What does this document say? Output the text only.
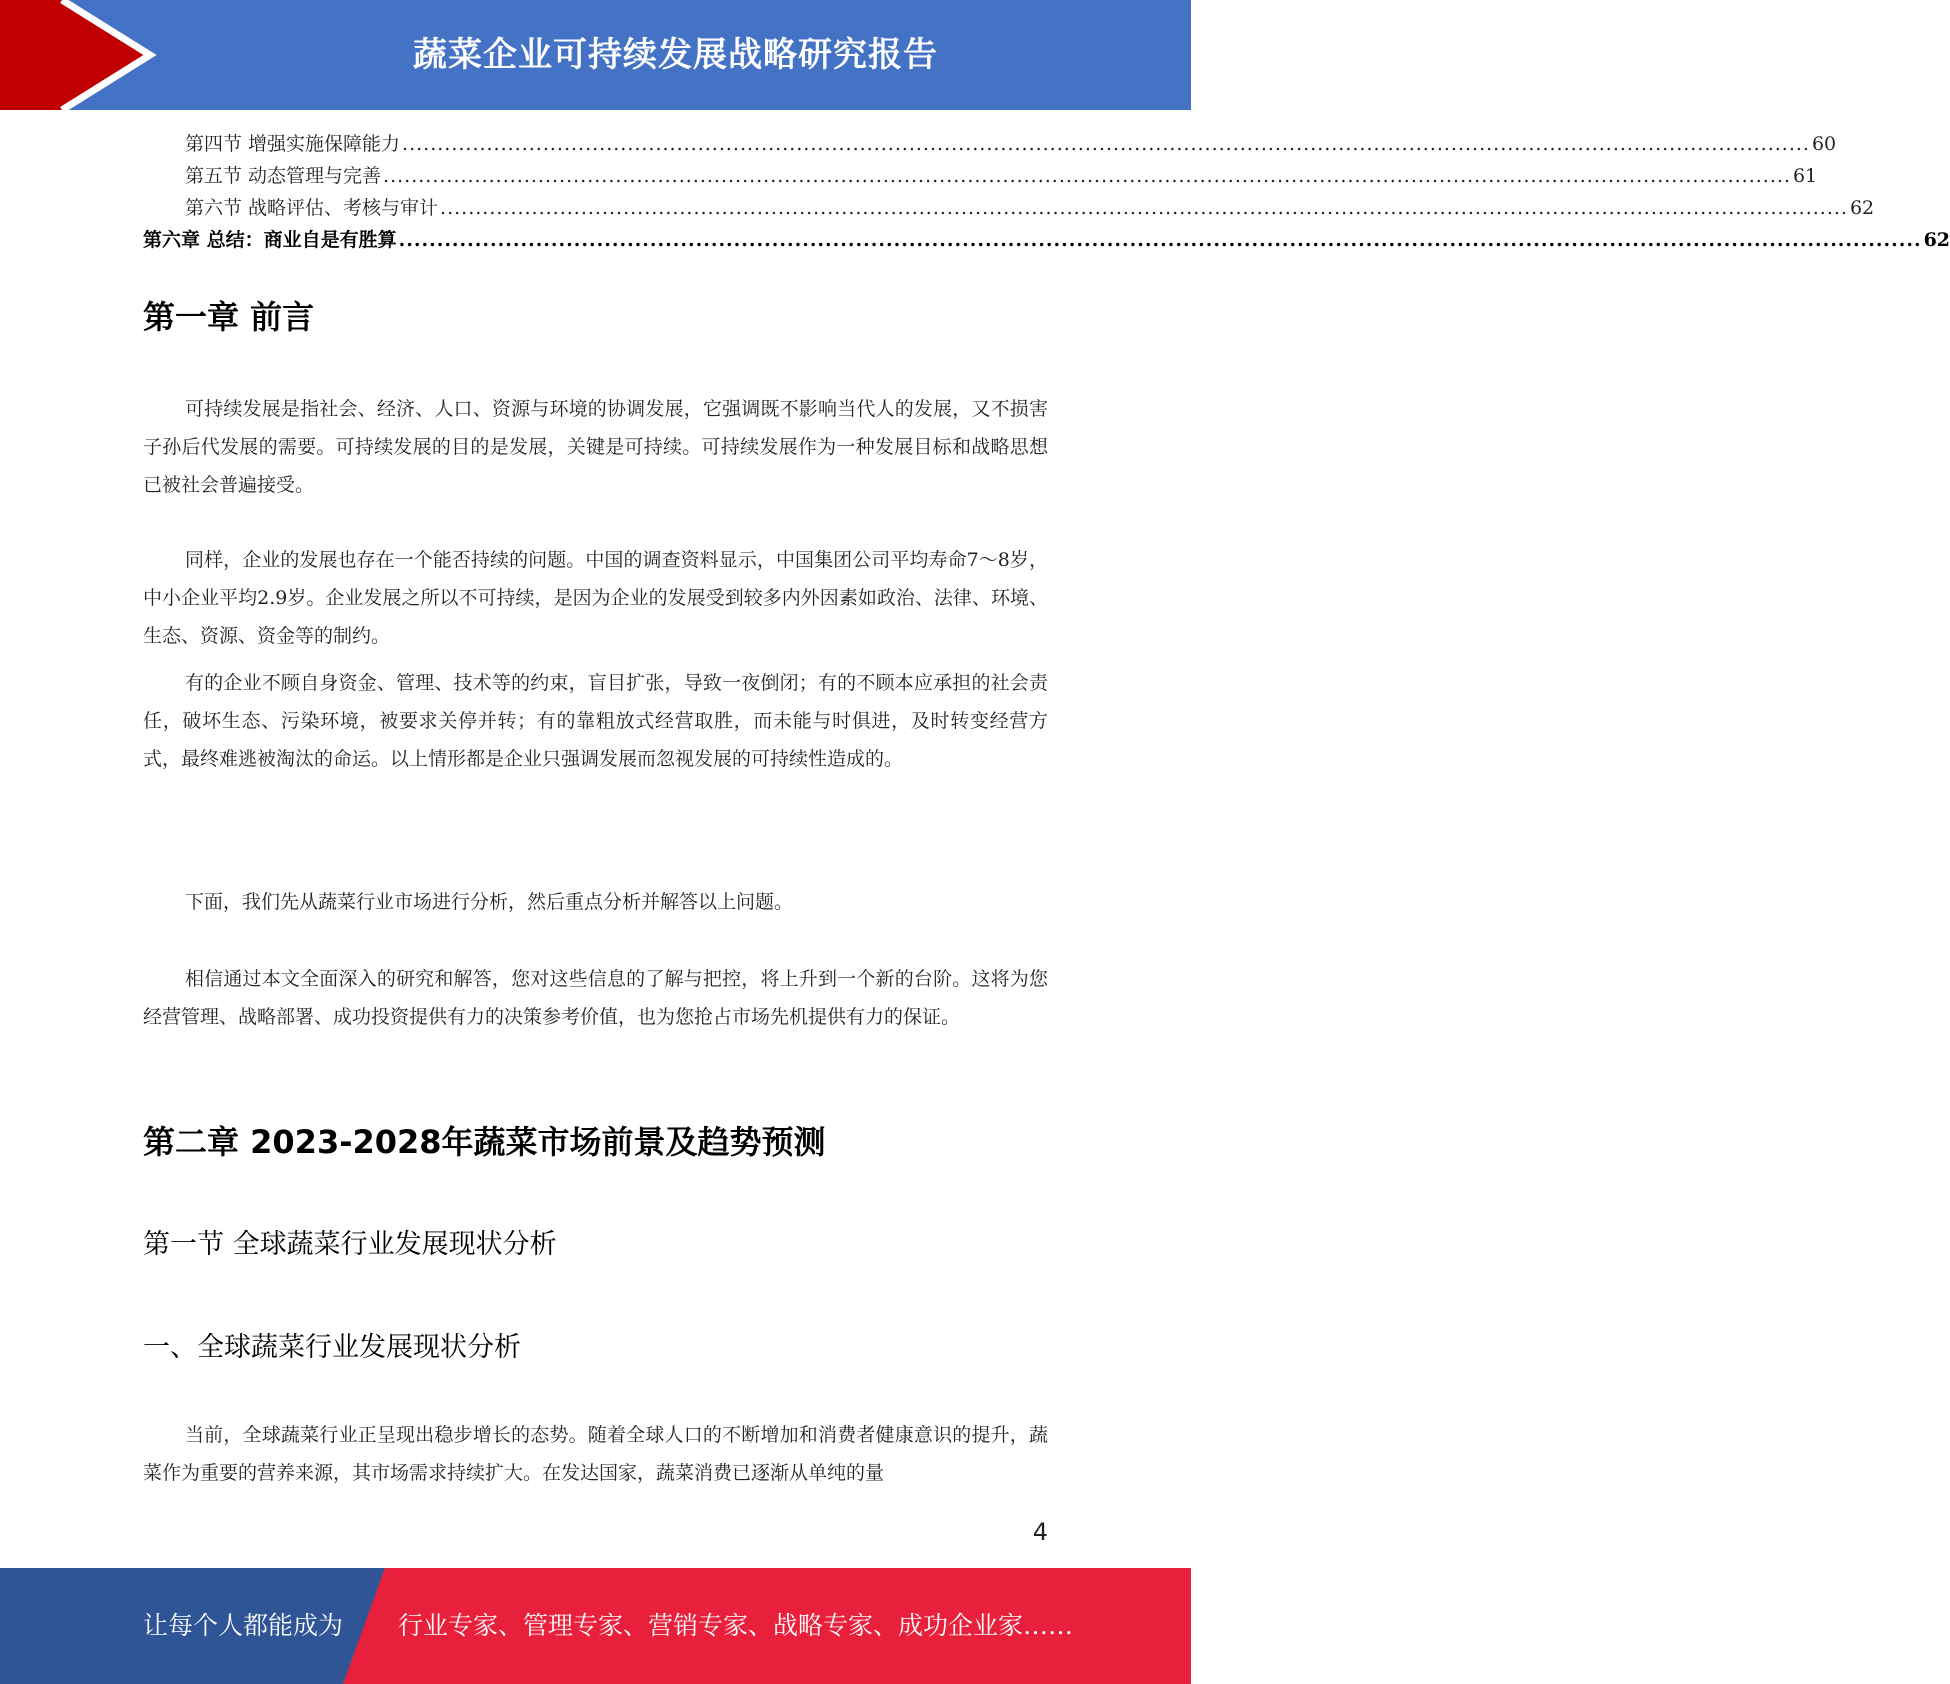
蔬菜企业可持续发展战略研究报告
第四节 增强实施保障能力 ........................................................................................................................................................................................................ 60
第五节 动态管理与完善 ........................................................................................................................................................................................................ 61
第六节 战略评估、考核与审计 ........................................................................................................................................................................................................ 62
第六章 总结：商业自是有胜算 ........................................................................................................................................................................................................ 62
第一章 前言

可持续发展是指社会、经济、人口、资源与环境的协调发展，它强调既不影响当代人的发展，又不损害子孙后代发展的需要。可持续发展的目的是发展，关键是可持续。可持续发展作为一种发展目标和战略思想已被社会普遍接受。

同样，企业的发展也存在一个能否持续的问题。中国的调查资料显示，中国集团公司平均寿命7～8岁，中小企业平均2.9岁。企业发展之所以不可持续，是因为企业的发展受到较多内外因素如政治、法律、环境、生态、资源、资金等的制约。

有的企业不顾自身资金、管理、技术等的约束，盲目扩张，导致一夜倒闭；有的不顾本应承担的社会责任，破坏生态、污染环境，被要求关停并转；有的靠粗放式经营取胜，而未能与时俱进，及时转变经营方式，最终难逃被淘汰的命运。以上情形都是企业只强调发展而忽视发展的可持续性造成的。

下面，我们先从蔬菜行业市场进行分析，然后重点分析并解答以上问题。

相信通过本文全面深入的研究和解答，您对这些信息的了解与把控，将上升到一个新的台阶。这将为您经营管理、战略部署、成功投资提供有力的决策参考价值，也为您抢占市场先机提供有力的保证。

第二章 2023-2028年蔬菜市场前景及趋势预测
第一节 全球蔬菜行业发展现状分析
一、全球蔬菜行业发展现状分析

当前，全球蔬菜行业正呈现出稳步增长的态势。随着全球人口的不断增加和消费者健康意识的提升，蔬菜作为重要的营养来源，其市场需求持续扩大。在发达国家，蔬菜消费已逐渐从单纯的量

4
让每个人都能成为 行业专家、管理专家、营销专家、战略专家、成功企业家……
